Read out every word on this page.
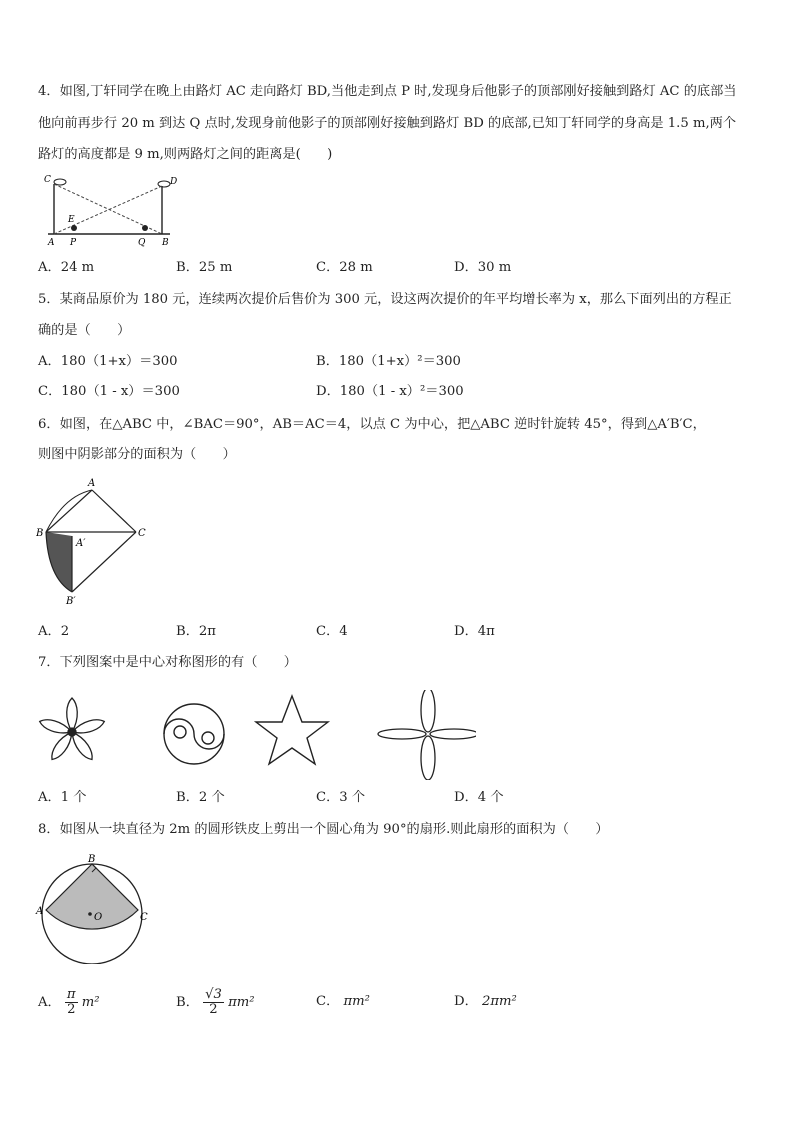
4．如图,丁轩同学在晚上由路灯 AC 走向路灯 BD,当他走到点 P 时,发现身后他影子的顶部刚好接触到路灯 AC 的底部当
他向前再步行 20 m 到达 Q 点时,发现身前他影子的顶部刚好接触到路灯 BD 的底部,已知丁轩同学的身高是 1.5 m,两个
路灯的高度都是 9 m,则两路灯之间的距离是(　　)
C	D
E
A P	Q B
A．24 m	B．25 m	C．28 m	D．30 m
5．某商品原价为 180 元，连续两次提价后售价为 300 元，设这两次提价的年平均增长率为 x，那么下面列出的方程正
确的是（　　）
A．180（1+x）＝300	B．180（1+x）²＝300
C．180（1 - x）＝300	D．180（1 - x）²＝300
6．如图，在△ABC 中，∠BAC＝90°，AB＝AC＝4，以点 C 为中心，把△ABC 逆时针旋转 45°，得到△A′B′C，
则图中阴影部分的面积为（　　）
A
B	C
A′
B′
A．2	B．2π	C．4	D．4π
7．下列图案中是中心对称图形的有（　　）
A．1 个	B．2 个	C．3 个	D．4 个
8．如图从一块直径为 2m 的圆形铁皮上剪出一个圆心角为 90°的扇形.则此扇形的面积为（　　）
B
A
C
O
A． $\frac{\pi}{2} m^2$	B． $\frac{√3}{2} \pi m^2$	C． πm²	D． 2πm²
